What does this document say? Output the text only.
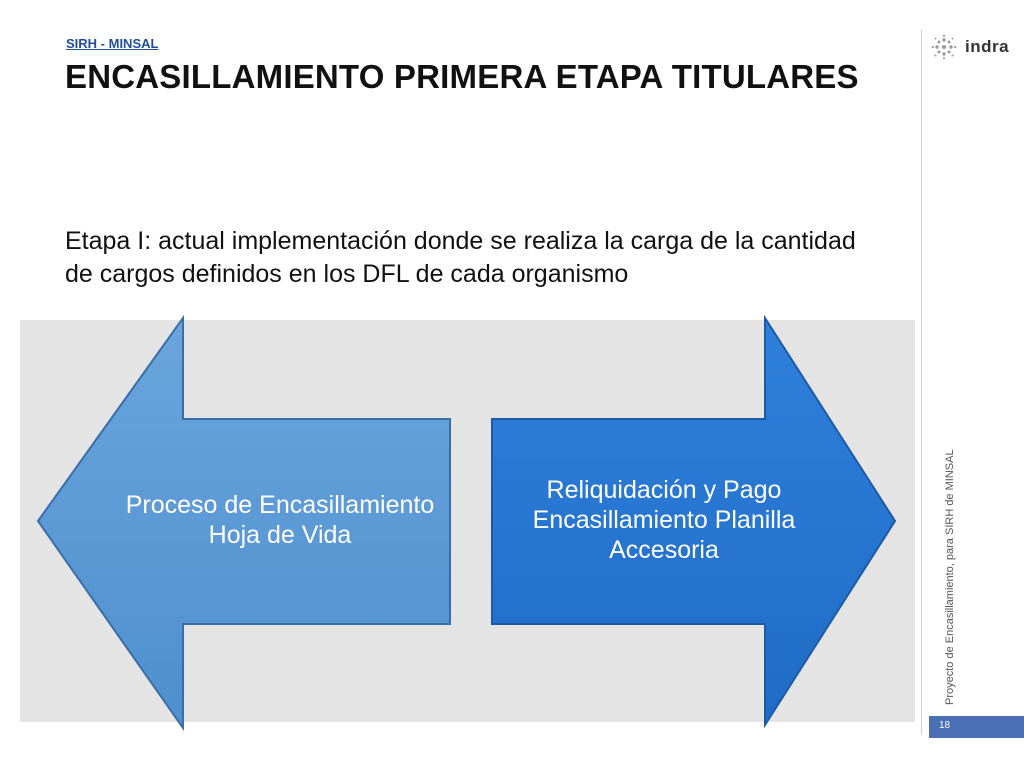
SIRH - MINSAL
ENCASILLAMIENTO PRIMERA ETAPA TITULARES
Etapa I: actual implementación donde se realiza la carga de la cantidad de cargos definidos en los DFL de cada organismo
Proceso de Encasillamiento Hoja de Vida
Reliquidación y Pago Encasillamiento Planilla Accesoria
indra
Proyecto de Encasillamiento, para SIRH de MINSAL
18
